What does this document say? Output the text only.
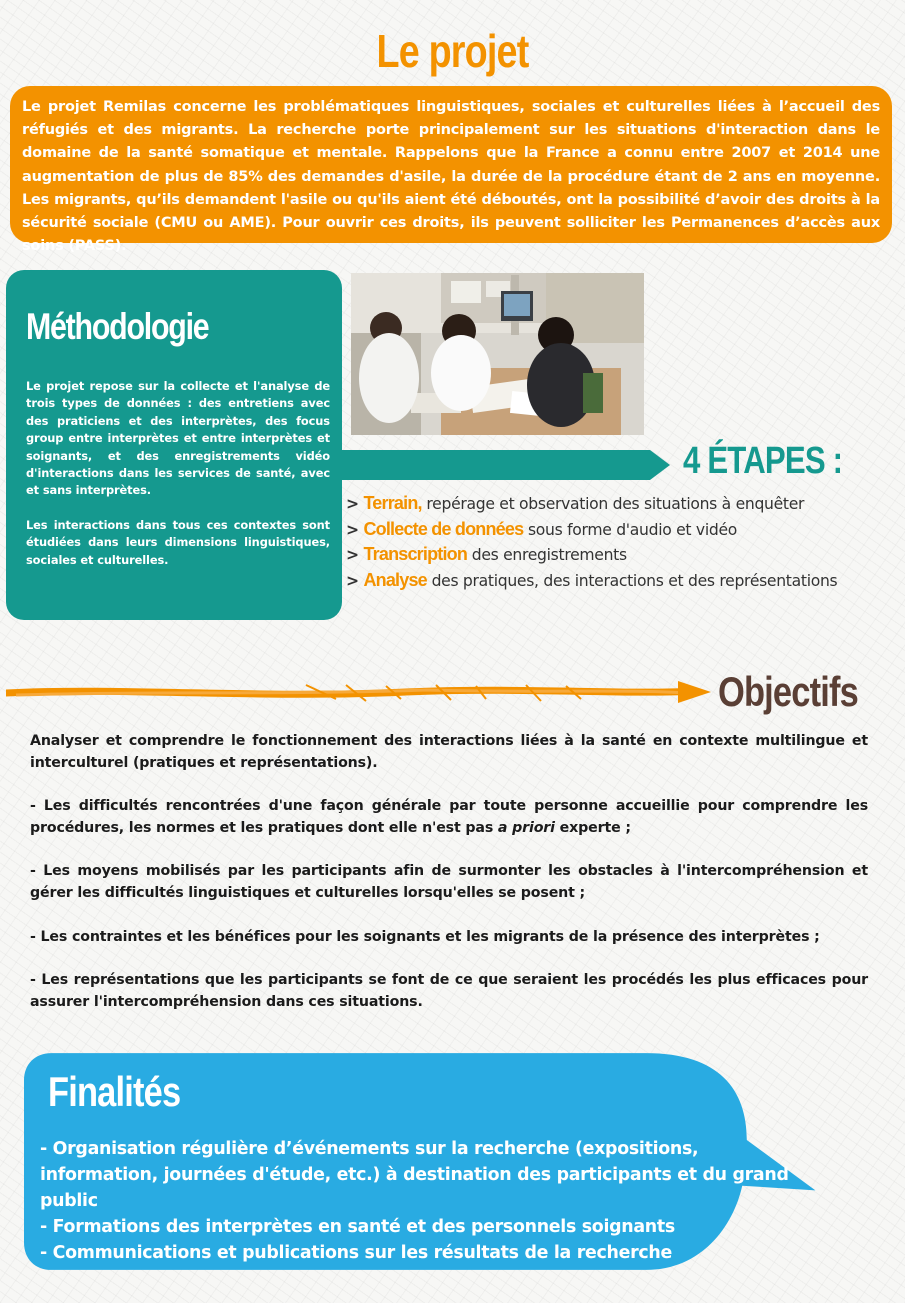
Le projet
Le projet Remilas concerne les problématiques linguistiques, sociales et culturelles liées à l’accueil des réfugiés et des migrants. La recherche porte principalement sur les situations d'interaction dans le domaine de la santé somatique et mentale. Rappelons que la France a connu entre 2007 et 2014 une augmentation de plus de 85% des demandes d'asile, la durée de la procédure étant de 2 ans en moyenne. Les migrants, qu’ils demandent l'asile ou qu'ils aient été déboutés, ont la possibilité d’avoir des droits à la sécurité sociale (CMU ou AME). Pour ouvrir ces droits, ils peuvent solliciter les Permanences d’accès aux soins (PASS).
Méthodologie

Le projet repose sur la collecte et l'analyse de trois types de données : des entretiens avec des praticiens et des interprètes, des focus group entre interprètes et entre interprètes et soignants, et des enregistrements vidéo d'interactions dans les services de santé, avec et sans interprètes.

Les interactions dans tous ces contextes sont étudiées dans leurs dimensions linguistiques, sociales et culturelles.

4 ÉTAPES :
> Terrain, repérage et observation des situations à enquêter
> Collecte de données sous forme d'audio et vidéo
> Transcription des enregistrements
> Analyse des pratiques, des interactions et des représentations
Objectifs

Analyser et comprendre le fonctionnement des interactions liées à la santé en contexte multilingue et interculturel (pratiques et représentations).

- Les difficultés rencontrées d'une façon générale par toute personne accueillie pour comprendre les procédures, les normes et les pratiques dont elle n'est pas a priori experte ;

- Les moyens mobilisés par les participants afin de surmonter les obstacles à l'intercompréhension et gérer les difficultés linguistiques et culturelles lorsqu'elles se posent ;

- Les contraintes et les bénéfices pour les soignants et les migrants de la présence des interprètes ;

- Les représentations que les participants se font de ce que seraient les procédés les plus efficaces pour assurer l'intercompréhension dans ces situations.

Finalités
- Organisation régulière d’événements sur la recherche (expositions, information, journées d'étude, etc.) à destination des participants et du grand public
- Formations des interprètes en santé et des personnels soignants
- Communications et publications sur les résultats de la recherche
